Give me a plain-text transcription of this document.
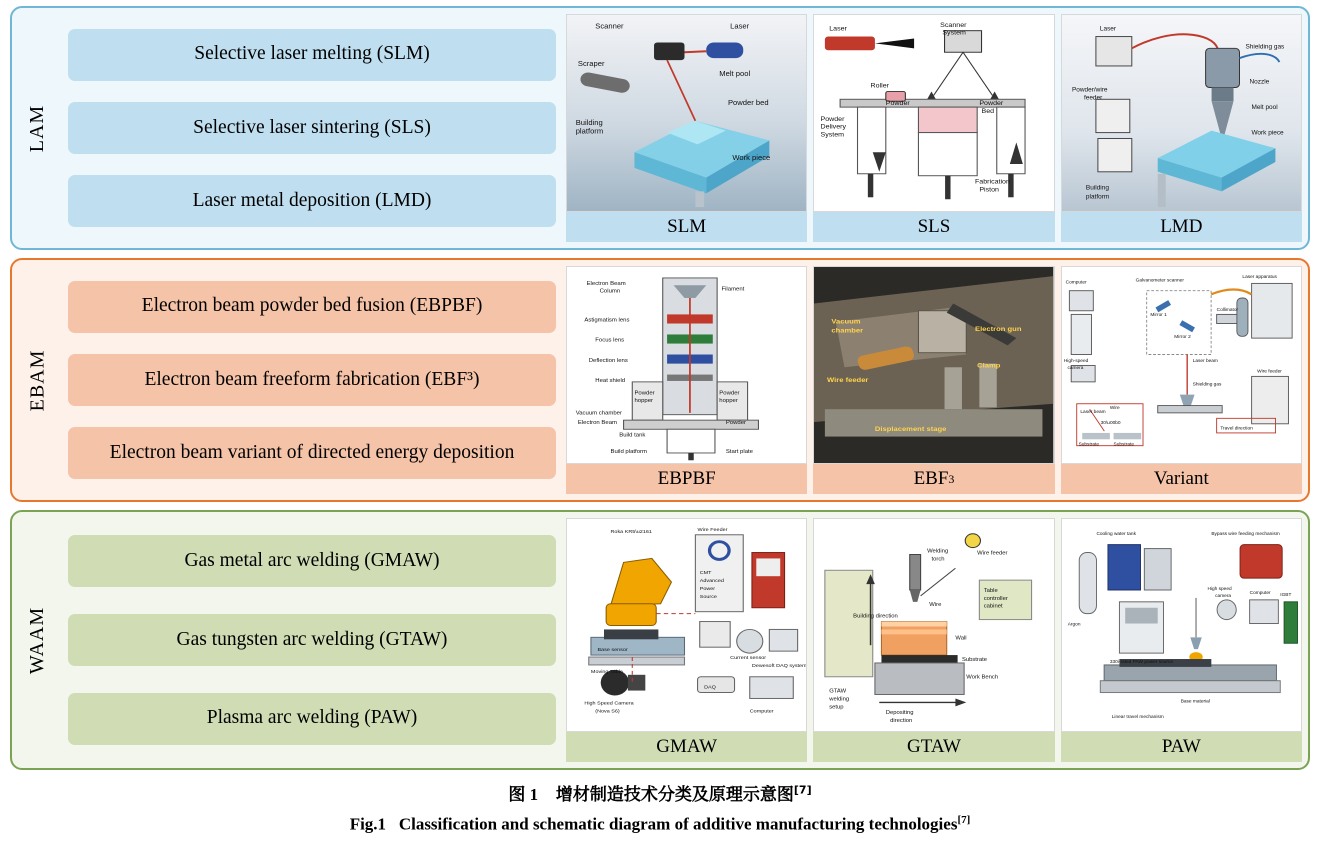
LAM
Selective laser melting (SLM)
Selective laser sintering (SLS)
Laser metal deposition (LMD)
Scanner	Laser
Scraper
Melt pool
Powder bed
Building
platform
Work piece
SLM
Laser
Scanner
System
Roller
Powder	Powder
Bed
Powder
Delivery
System
Fabrication
Piston
SLS
Laser
Shielding gas
Powder/wire
feeder
Nozzle
Melt pool
Work piece
Building
platform
LMD
EBAM
Electron beam powder bed fusion (EBPBF)
Electron beam freeform fabrication (EBF³)
Electron beam variant of directed energy deposition
Electron Beam
Column	Filament
Astigmatism lens
Focus lens
Deflection lens
Heat shield
Powder
hopper
Powder
hopper
Vacuum chamber
Electron Beam	Powder
Build tank
Build platform	Start plate
EBPBF
Vacuum
chamber	Electron gun
Clamp
Wire feeder
Displacement stage
EBF 3
Computer	Galvanometer scanner
Laser apparatus
Mirror 1
Mirror 2
Collimator
High-speed
camera
Laser beam
Shielding gas
Wire feeder
Laser beam
Wire
Substrate	Substrate
Travel direction
30\u00b0
Variant
WAAM
Gas metal arc welding (GMAW)
Gas tungsten arc welding (GTAW)
Plasma arc welding (PAW)
Roka KR5\u2161	Wire Feeder
CMT
Advanced
Power
Source
Base sensor
Moving Table
Current sensor
Dewesoft DAQ system
High Speed Camera
(Nova S6)
DAQ
Computer
GMAW
Welding
torch
Wire feeder
Building direction
Wire
Table
controller
cabinet
Wall
Substrate
Work Bench
Depositing
direction
GTAW
welding
setup
GTAW
Cooling water tank	Bypass wire feeding mechanism
Argon
330i-rated PAW power source
High speed
camera
Computer IGBT
Base material
Linear travel mechanism
PAW
图 1 增材制造技术分类及原理示意图[7]
Fig.1 Classification and schematic diagram of additive manufacturing technologies[7]
